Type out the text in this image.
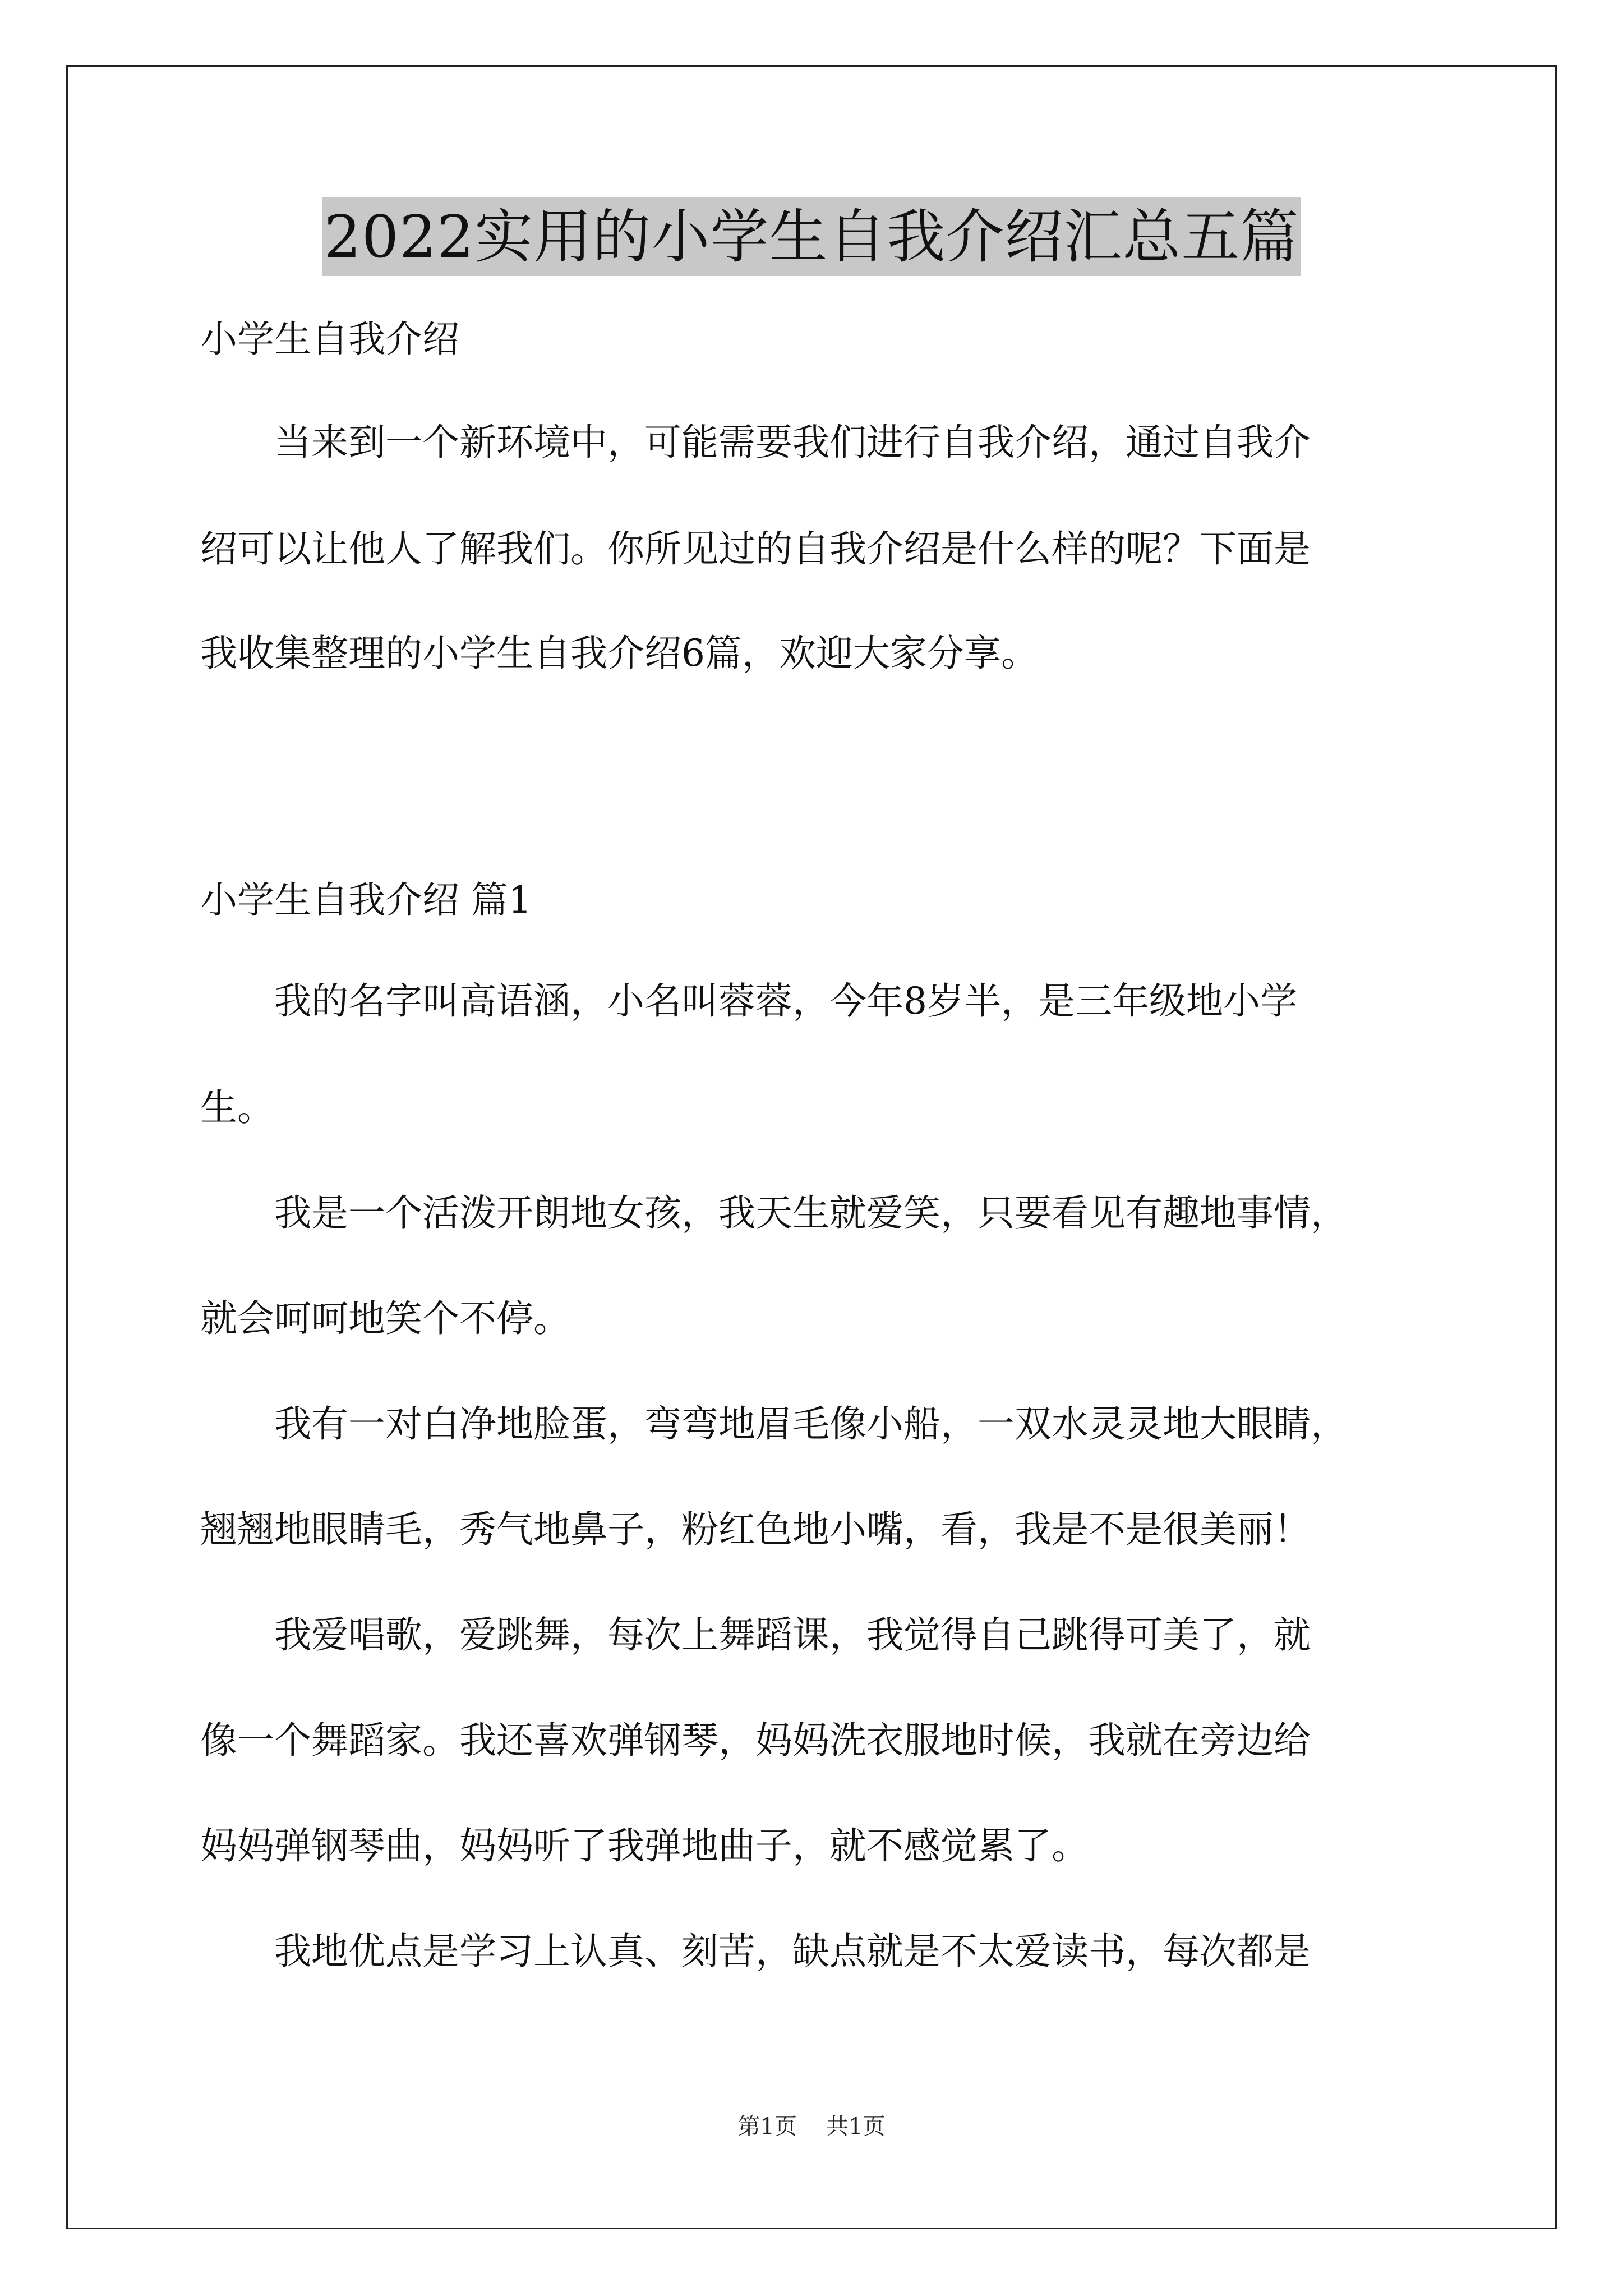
2022实用的小学生自我介绍汇总五篇
小学生自我介绍
　　当来到一个新环境中，可能需要我们进行自我介绍，通过自我介
绍可以让他人了解我们。你所见过的自我介绍是什么样的呢？下面是
我收集整理的小学生自我介绍6篇，欢迎大家分享。
小学生自我介绍 篇1
　　我的名字叫高语涵，小名叫蓉蓉，今年8岁半，是三年级地小学
生。
　　我是一个活泼开朗地女孩，我天生就爱笑，只要看见有趣地事情，
就会呵呵地笑个不停。
　　我有一对白净地脸蛋，弯弯地眉毛像小船，一双水灵灵地大眼睛，
翘翘地眼睛毛，秀气地鼻子，粉红色地小嘴，看，我是不是很美丽！
　　我爱唱歌，爱跳舞，每次上舞蹈课，我觉得自己跳得可美了，就
像一个舞蹈家。我还喜欢弹钢琴，妈妈洗衣服地时候，我就在旁边给
妈妈弹钢琴曲，妈妈听了我弹地曲子，就不感觉累了。
　　我地优点是学习上认真、刻苦，缺点就是不太爱读书，每次都是
第1页 共1页
